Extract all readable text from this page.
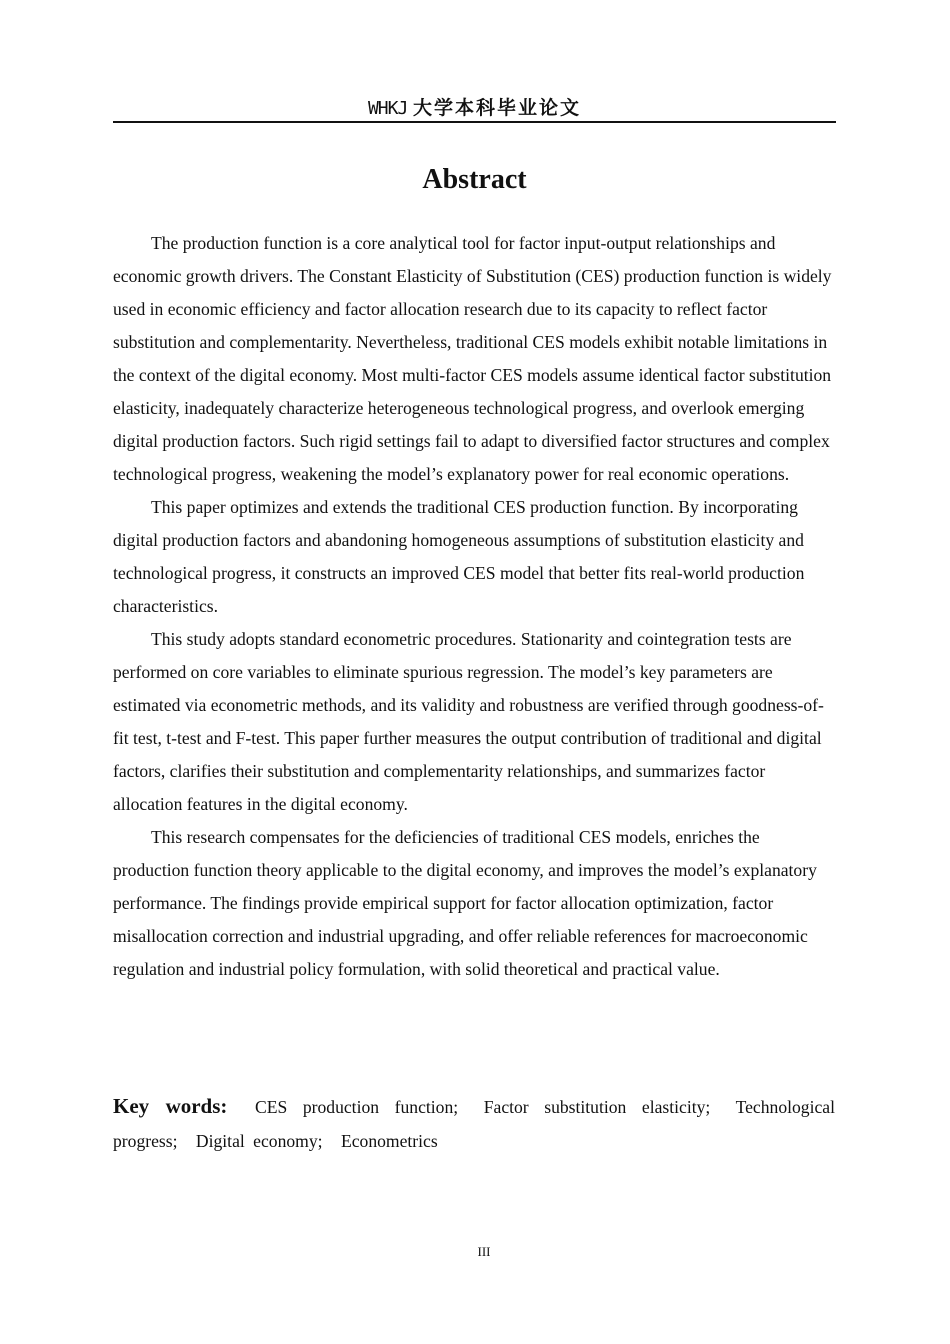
WHKJ 大学本科毕业论文
Abstract

The production function is a core analytical tool for factor input-output relationships and economic growth drivers. The Constant Elasticity of Substitution (CES) production function is widely used in economic efficiency and factor allocation research due to its capacity to reflect factor substitution and complementarity. Nevertheless, traditional CES models exhibit notable limitations in the context of the digital economy. Most multi-factor CES models assume identical factor substitution elasticity, inadequately characterize heterogeneous technological progress, and overlook emerging digital production factors. Such rigid settings fail to adapt to diversified factor structures and complex technological progress, weakening the model’s explanatory power for real economic operations.

This paper optimizes and extends the traditional CES production function. By incorporating digital production factors and abandoning homogeneous assumptions of substitution elasticity and technological progress, it constructs an improved CES model that better fits real-world production characteristics.

This study adopts standard econometric procedures. Stationarity and cointegration tests are performed on core variables to eliminate spurious regression. The model’s key parameters are estimated via econometric methods, and its validity and robustness are verified through goodness-of-fit test, t-test and F-test. This paper further measures the output contribution of traditional and digital factors, clarifies their substitution and complementarity relationships, and summarizes factor allocation features in the digital economy.

This research compensates for the deficiencies of traditional CES models, enriches the production function theory applicable to the digital economy, and improves the model’s explanatory performance. The findings provide empirical support for factor allocation optimization, factor misallocation correction and industrial upgrading, and offer reliable references for macroeconomic regulation and industrial policy formulation, with solid theoretical and practical value.

Key words: CES production function; Factor substitution elasticity; Technological progress; Digital economy; Econometrics
III
